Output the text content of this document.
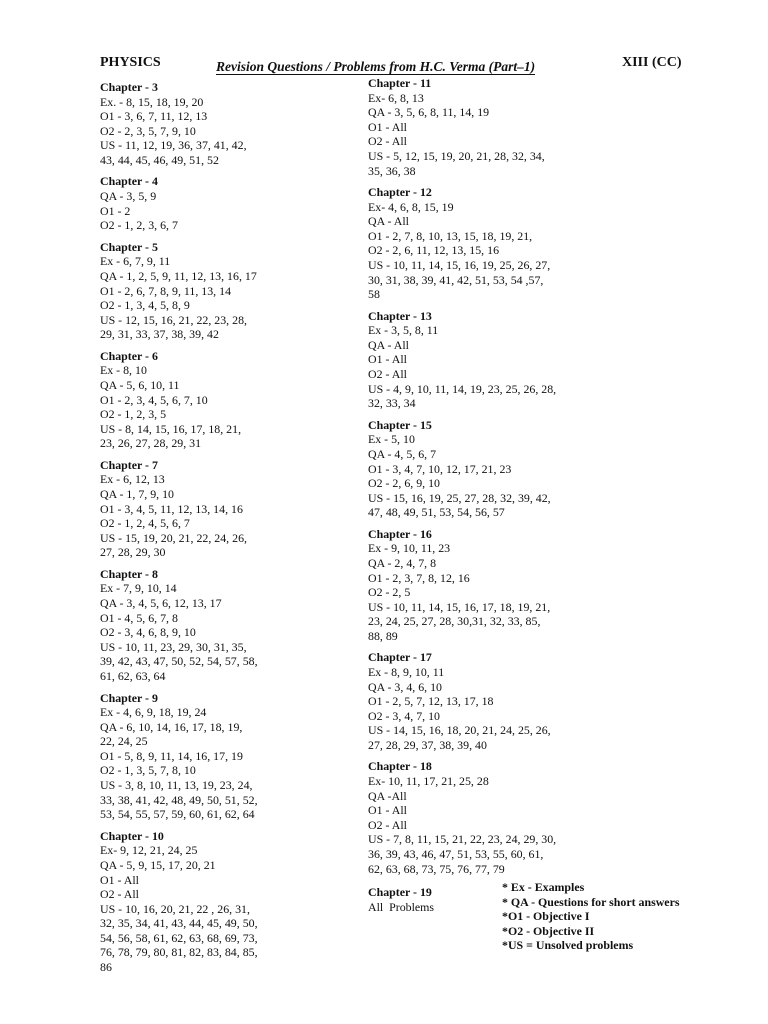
PHYSICS	Revision Questions / Problems from H.C. Verma (Part–1)	XIII (CC)
Chapter - 3
Ex. - 8, 15, 18, 19, 20
O1 - 3, 6, 7, 11, 12, 13
O2 - 2, 3, 5, 7, 9, 10
US - 11, 12, 19, 36, 37, 41, 42,
43, 44, 45, 46, 49, 51, 52
Chapter - 4
QA - 3, 5, 9
O1 - 2
O2 - 1, 2, 3, 6, 7
Chapter - 5
Ex - 6, 7, 9, 11
QA - 1, 2, 5, 9, 11, 12, 13, 16, 17
O1 - 2, 6, 7, 8, 9, 11, 13, 14
O2 - 1, 3, 4, 5, 8, 9
US - 12, 15, 16, 21, 22, 23, 28,
29, 31, 33, 37, 38, 39, 42
Chapter - 6
Ex - 8, 10
QA - 5, 6, 10, 11
O1 - 2, 3, 4, 5, 6, 7, 10
O2 - 1, 2, 3, 5
US - 8, 14, 15, 16, 17, 18, 21,
23, 26, 27, 28, 29, 31
Chapter - 7
Ex - 6, 12, 13
QA - 1, 7, 9, 10
O1 - 3, 4, 5, 11, 12, 13, 14, 16
O2 - 1, 2, 4, 5, 6, 7
US - 15, 19, 20, 21, 22, 24, 26,
27, 28, 29, 30
Chapter - 8
Ex - 7, 9, 10, 14
QA - 3, 4, 5, 6, 12, 13, 17
O1 - 4, 5, 6, 7, 8
O2 - 3, 4, 6, 8, 9, 10
US - 10, 11, 23, 29, 30, 31, 35,
39, 42, 43, 47, 50, 52, 54, 57, 58,
61, 62, 63, 64
Chapter - 9
Ex - 4, 6, 9, 18, 19, 24
QA - 6, 10, 14, 16, 17, 18, 19,
22, 24, 25
O1 - 5, 8, 9, 11, 14, 16, 17, 19
O2 - 1, 3, 5, 7, 8, 10
US - 3, 8, 10, 11, 13, 19, 23, 24,
33, 38, 41, 42, 48, 49, 50, 51, 52,
53, 54, 55, 57, 59, 60, 61, 62, 64
Chapter - 10
Ex- 9, 12, 21, 24, 25
QA - 5, 9, 15, 17, 20, 21
O1 - All
O2 - All
US - 10, 16, 20, 21, 22 , 26, 31,
32, 35, 34, 41, 43, 44, 45, 49, 50,
54, 56, 58, 61, 62, 63, 68, 69, 73,
76, 78, 79, 80, 81, 82, 83, 84, 85,
86
Chapter - 11
Ex- 6, 8, 13
QA - 3, 5, 6, 8, 11, 14, 19
O1 - All
O2 - All
US - 5, 12, 15, 19, 20, 21, 28, 32, 34,
35, 36, 38
Chapter - 12
Ex- 4, 6, 8, 15, 19
QA - All
O1 - 2, 7, 8, 10, 13, 15, 18, 19, 21,
O2 - 2, 6, 11, 12, 13, 15, 16
US - 10, 11, 14, 15, 16, 19, 25, 26, 27,
30, 31, 38, 39, 41, 42, 51, 53, 54 ,57,
58
Chapter - 13
Ex - 3, 5, 8, 11
QA - All
O1 - All
O2 - All
US - 4, 9, 10, 11, 14, 19, 23, 25, 26, 28,
32, 33, 34
Chapter - 15
Ex - 5, 10
QA - 4, 5, 6, 7
O1 - 3, 4, 7, 10, 12, 17, 21, 23
O2 - 2, 6, 9, 10
US - 15, 16, 19, 25, 27, 28, 32, 39, 42,
47, 48, 49, 51, 53, 54, 56, 57
Chapter - 16
Ex - 9, 10, 11, 23
QA - 2, 4, 7, 8
O1 - 2, 3, 7, 8, 12, 16
O2 - 2, 5
US - 10, 11, 14, 15, 16, 17, 18, 19, 21,
23, 24, 25, 27, 28, 30,31, 32, 33, 85,
88, 89
Chapter - 17
Ex - 8, 9, 10, 11
QA - 3, 4, 6, 10
O1 - 2, 5, 7, 12, 13, 17, 18
O2 - 3, 4, 7, 10
US - 14, 15, 16, 18, 20, 21, 24, 25, 26,
27, 28, 29, 37, 38, 39, 40
Chapter - 18
Ex- 10, 11, 17, 21, 25, 28
QA -All
O1 - All
O2 - All
US - 7, 8, 11, 15, 21, 22, 23, 24, 29, 30,
36, 39, 43, 46, 47, 51, 53, 55, 60, 61,
62, 63, 68, 73, 75, 76, 77, 79
Chapter - 19
All  Problems
* Ex - Examples
* QA - Questions for short answers
*O1 - Objective I
*O2 - Objective II
*US = Unsolved problems
